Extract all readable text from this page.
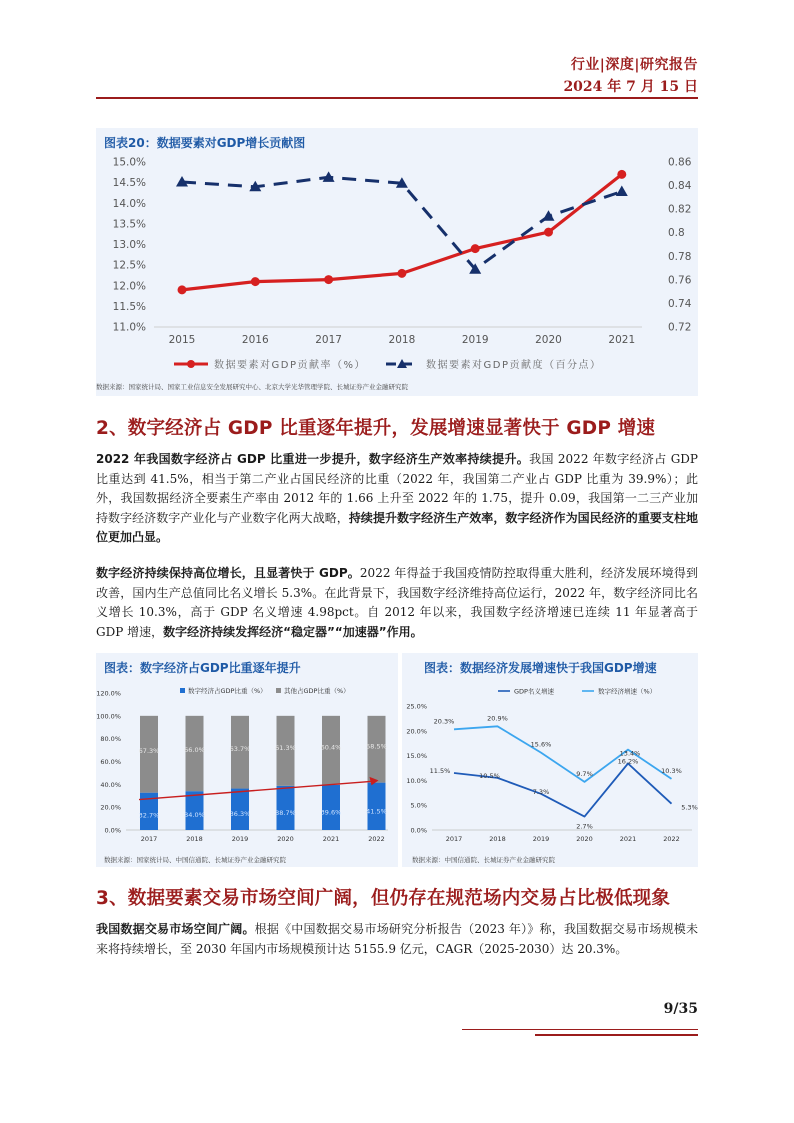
行业|深度|研究报告
2024 年 7 月 15 日
图表20：数据要素对GDP增长贡献图
11.0%
11.5%
12.0%
12.5%
13.0%
13.5%
14.0%
14.5%
15.0%
0.72
0.74
0.76
0.78
0.8
0.82
0.84
0.86
2015	2016	2017	2018	2019	2020	2021
数据要素对GDP贡献率（%）	数据要素对GDP贡献度（百分点）
数据来源：国家统计局、国家工业信息安全发展研究中心、北京大学光华管理学院、长城证券产业金融研究院
2、数字经济占 GDP 比重逐年提升，发展增速显著快于 GDP 增速

2022 年我国数字经济占 GDP 比重进一步提升，数字经济生产效率持续提升。我国 2022 年数字经济占 GDP 比重达到 41.5%，相当于第二产业占国民经济的比重（2022 年，我国第二产业占 GDP 比重为 39.9%）；此外，我国数据经济全要素生产率由 2012 年的 1.66 上升至 2022 年的 1.75，提升 0.09，我国第一二三产业加持数字经济数字产业化与产业数字化两大战略，持续提升数字经济生产效率，数字经济作为国民经济的重要支柱地位更加凸显。

数字经济持续保持高位增长，且显著快于 GDP。2022 年得益于我国疫情防控取得重大胜利，经济发展环境得到改善，国内生产总值同比名义增长 5.3%。在此背景下，我国数字经济维持高位运行，2022 年，数字经济同比名义增长 10.3%，高于 GDP 名义增速 4.98pct。自 2012 年以来，我国数字经济增速已连续 11 年显著高于 GDP 增速，数字经济持续发挥经济“稳定器”“加速器”作用。

图表：数字经济占GDP比重逐年提升	图表：数据经济发展增速快于我国GDP增速
0.0%
20.0%
40.0%
60.0%
80.0%
100.0%
120.0%
32.7%
67.3%
2017
34.0%
66.0%
2018
36.3%
63.7%
2019
38.7%
61.3%
2020
39.6%
60.4%
2021
41.5%
58.5%
2022
数字经济占GDP比重（%）	其他占GDP比重（%）
0.0%
5.0%
10.0%
15.0%
20.0%
25.0%
2017	2018	2019	2020	2021	2022
11.5%
10.5%
7.3%
2.7%
16.2%
5.3%
20.3%	20.9%
15.6%
9.7%
13.4%
10.3%
GDP名义增速	数字经济增速（%）
数据来源：国家统计局、中国信通院、长城证券产业金融研究院	数据来源：中国信通院、长城证券产业金融研究院
3、数据要素交易市场空间广阔，但仍存在规范场内交易占比极低现象

我国数据交易市场空间广阔。根据《中国数据交易市场研究分析报告（2023 年）》称，我国数据交易市场规模未来将持续增长，至 2030 年国内市场规模预计达 5155.9 亿元，CAGR（2025-2030）达 20.3%。

9/35
